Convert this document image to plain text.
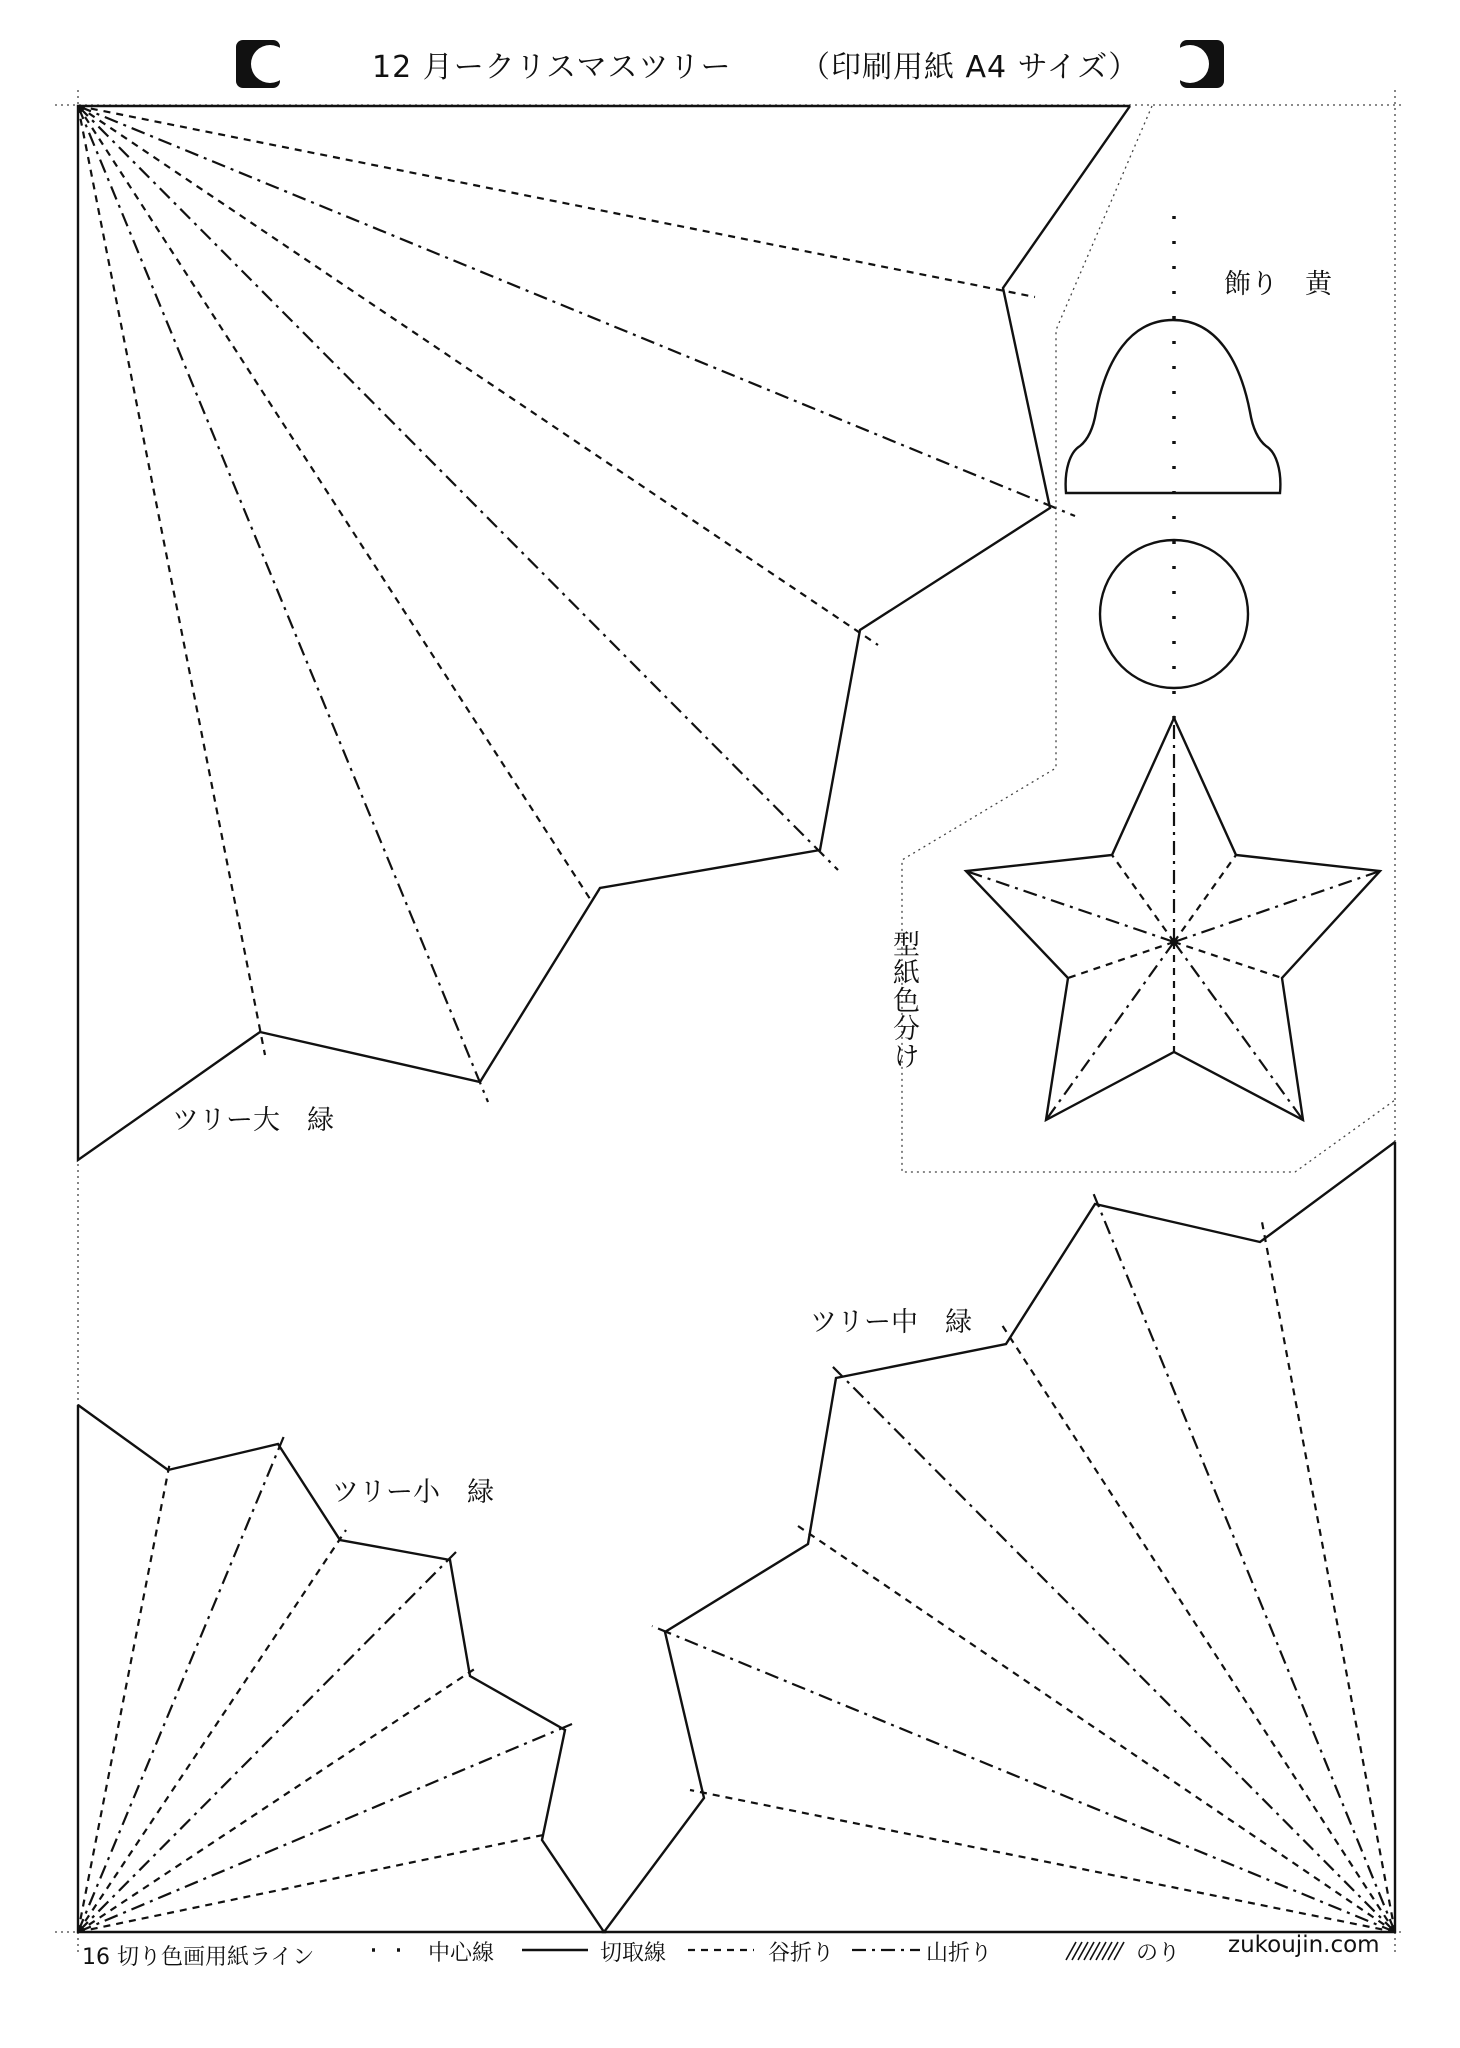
12 月ークリスマスツリー （印刷用紙 A4 サイズ）
ツリー大　緑
ツリー中　緑
ツリー小　緑
飾り　黄
型紙色分け
16 切り色画用紙ライン	中心線	切取線	谷折り	山折り	のり zukoujin.com
